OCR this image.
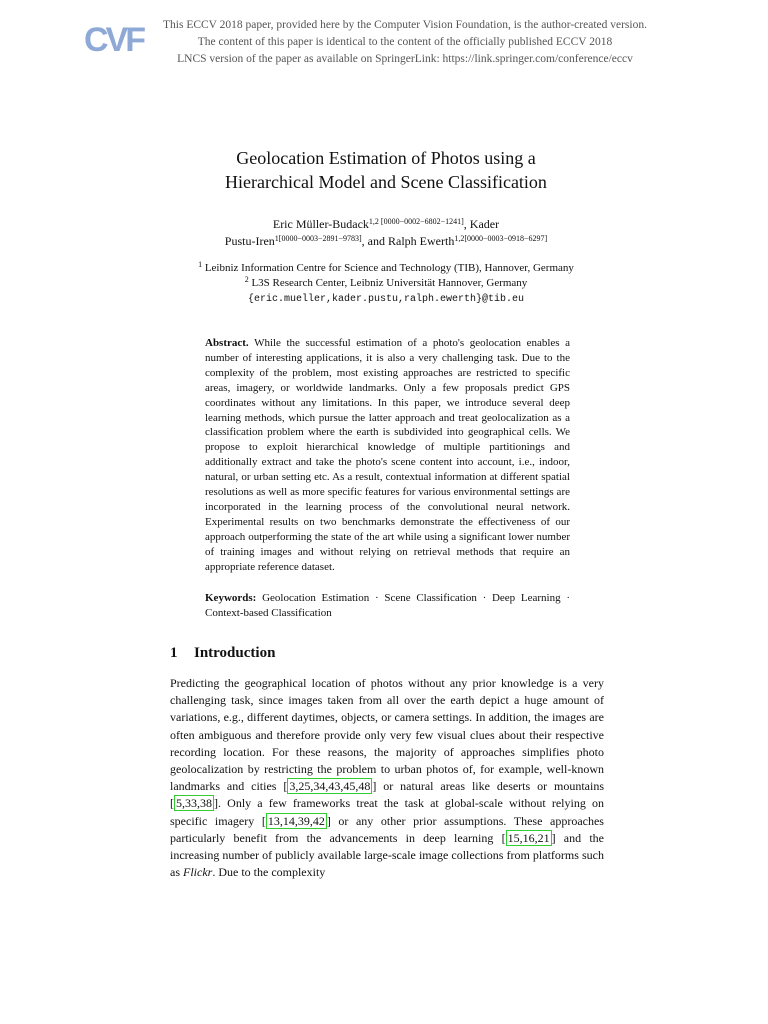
CVF	This ECCV 2018 paper, provided here by the Computer Vision Foundation, is the author-created version.
The content of this paper is identical to the content of the officially published ECCV 2018
LNCS version of the paper as available on SpringerLink: https://link.springer.com/conference/eccv
Geolocation Estimation of Photos using a
Hierarchical Model and Scene Classification
Eric Müller-Budack$^{1,2 [0000-0002-6802-1241]}$, Kader
Pustu-Iren$^{1[0000-0003-2891-9783]}$, and Ralph Ewerth$^{1,2[0000-0003-0918-6297]}$
$^1$ Leibniz Information Centre for Science and Technology (TIB), Hannover, Germany
$^2$ L3S Research Center, Leibniz Universität Hannover, Germany
{eric.mueller,kader.pustu,ralph.ewerth}@tib.eu

Abstract. While the successful estimation of a photo's geolocation enables a number of interesting applications, it is also a very challenging task. Due to the complexity of the problem, most existing approaches are restricted to specific areas, imagery, or worldwide landmarks. Only a few proposals predict GPS coordinates without any limitations. In this paper, we introduce several deep learning methods, which pursue the latter approach and treat geolocalization as a classification problem where the earth is subdivided into geographical cells. We propose to exploit hierarchical knowledge of multiple partitionings and additionally extract and take the photo's scene content into account, i.e., indoor, natural, or urban setting etc. As a result, contextual information at different spatial resolutions as well as more specific features for various environmental settings are incorporated in the learning process of the convolutional neural network. Experimental results on two benchmarks demonstrate the effectiveness of our approach outperforming the state of the art while using a significant lower number of training images and without relying on retrieval methods that require an appropriate reference dataset.

Keywords: Geolocation Estimation · Scene Classification · Deep Learning · Context-based Classification

1 Introduction

Predicting the geographical location of photos without any prior knowledge is a very challenging task, since images taken from all over the earth depict a huge amount of variations, e.g., different daytimes, objects, or camera settings. In addition, the images are often ambiguous and therefore provide only very few visual clues about their respective recording location. For these reasons, the majority of approaches simplifies photo geolocalization by restricting the problem to urban photos of, for example, well-known landmarks and cities [ 3,25,34,43,45,48 ] or natural areas like deserts or mountains [ 5,33,38 ]. Only a few frameworks treat the task at global-scale without relying on specific imagery [ 13,14,39,42 ] or any other prior assumptions. These approaches particularly benefit from the advancements in deep learning [ 15,16,21 ] and the increasing number of publicly available large-scale image collections from platforms such as Flickr. Due to the complexity
